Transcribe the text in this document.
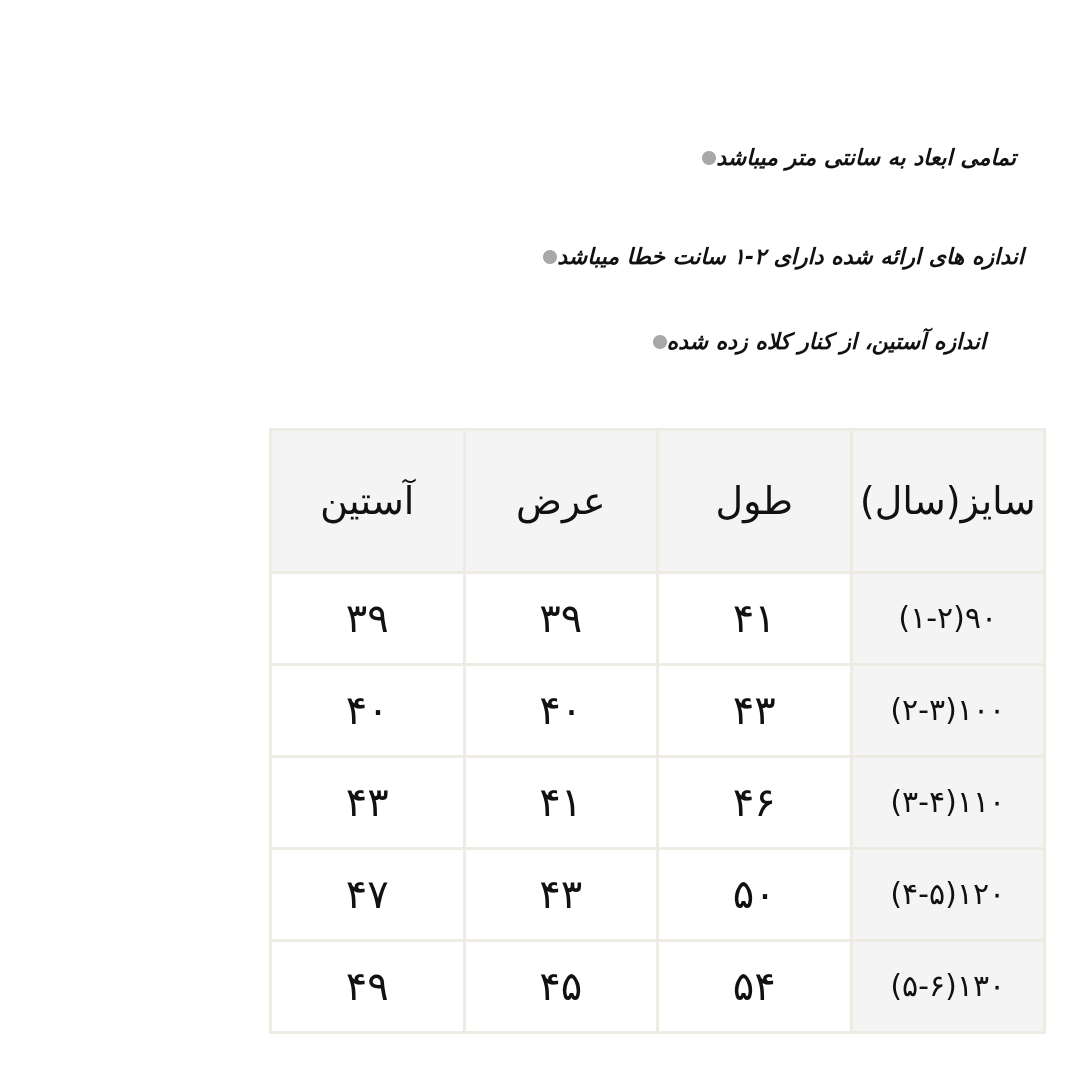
تمامی ابعاد به سانتی متر میباشد
اندازه های ارائه شده دارای ۲-۱ سانت خطا میباشد
اندازه آستین، از کنار کلاه زده شده
سایز(سال)	طول	عرض	آستین
۹۰(۱-۲)	۴۱	۳۹	۳۹
۱۰۰(۲-۳)	۴۳	۴۰	۴۰
۱۱۰(۳-۴)	۴۶	۴۱	۴۳
۱۲۰(۴-۵)	۵۰	۴۳	۴۷
۱۳۰(۵-۶)	۵۴	۴۵	۴۹
